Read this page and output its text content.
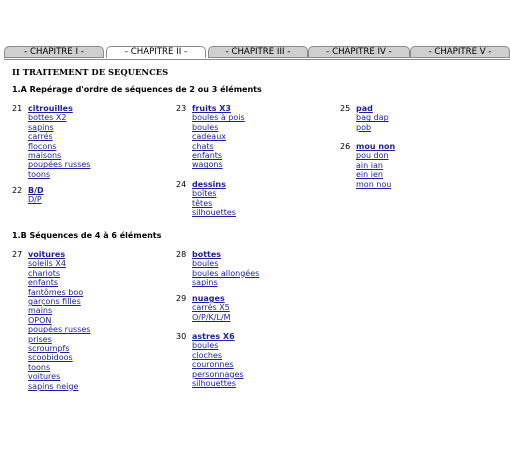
- CHAPITRE I -	- CHAPITRE II -	- CHAPITRE III -	- CHAPITRE IV -	- CHAPITRE V -
II TRAITEMENT DE SEQUENCES
1.A Repérage d'ordre de séquences de 2 ou 3 éléments
1.B Séquences de 4 à 6 éléments
21 citrouilles
bottes X2
sapins
carrés
flocons
maisons
poupées russes
toons
22 B/D
D/P
23 fruits X3
boules à pois
boules
cadeaux
chats
enfants
wagons
24 dessins
boîtes
têtes
silhouettes
25 pad
bag dap
pob
26 mou non
pou don
ain ian
ein ien
mon nou
27 voitures
soleils X4
chariots
enfants
fantômes boo
garçons filles
mains
OPON
poupées russes
prises
scroumpfs
scoobidoos
toons
voitures
sapins neige
28 bottes
boules
boules allongées
sapins
29 nuages
carrés X5
O/P/K/L/M
30 astres X6
boules
cloches
couronnes
personnages
silhouettes
